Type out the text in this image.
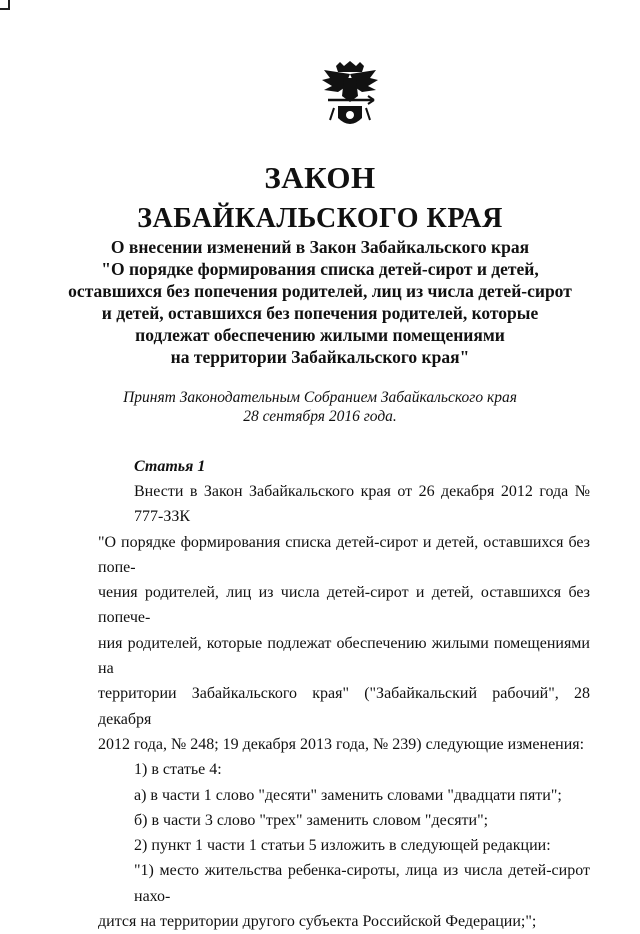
ЗАКОН

ЗАБАЙКАЛЬСКОГО КРАЯ

О внесении изменений в Закон Забайкальского края
"О порядке формирования списка детей-сирот и детей,
оставшихся без попечения родителей, лиц из числа детей-сирот
и детей, оставшихся без попечения родителей, которые
подлежат обеспечению жилыми помещениями
на территории Забайкальского края"
Принят Законодательным Собранием Забайкальского края
28 сентября 2016 года.

Статья 1

Внести в Закон Забайкальского края от 26 декабря 2012 года № 777-ЗЗК
"О порядке формирования списка детей-сирот и детей, оставшихся без попе-
чения родителей, лиц из числа детей-сирот и детей, оставшихся без попече-
ния родителей, которые подлежат обеспечению жилыми помещениями на
территории Забайкальского края" ("Забайкальский рабочий", 28 декабря
2012 года, № 248; 19 декабря 2013 года, № 239) следующие изменения:
1) в статье 4:
а) в части 1 слово "десяти" заменить словами "двадцати пяти";
б) в части 3 слово "трех" заменить словом "десяти";
2) пункт 1 части 1 статьи 5 изложить в следующей редакции:
"1) место жительства ребенка-сироты, лица из числа детей-сирот нахо-
дится на территории другого субъекта Российской Федерации;";
